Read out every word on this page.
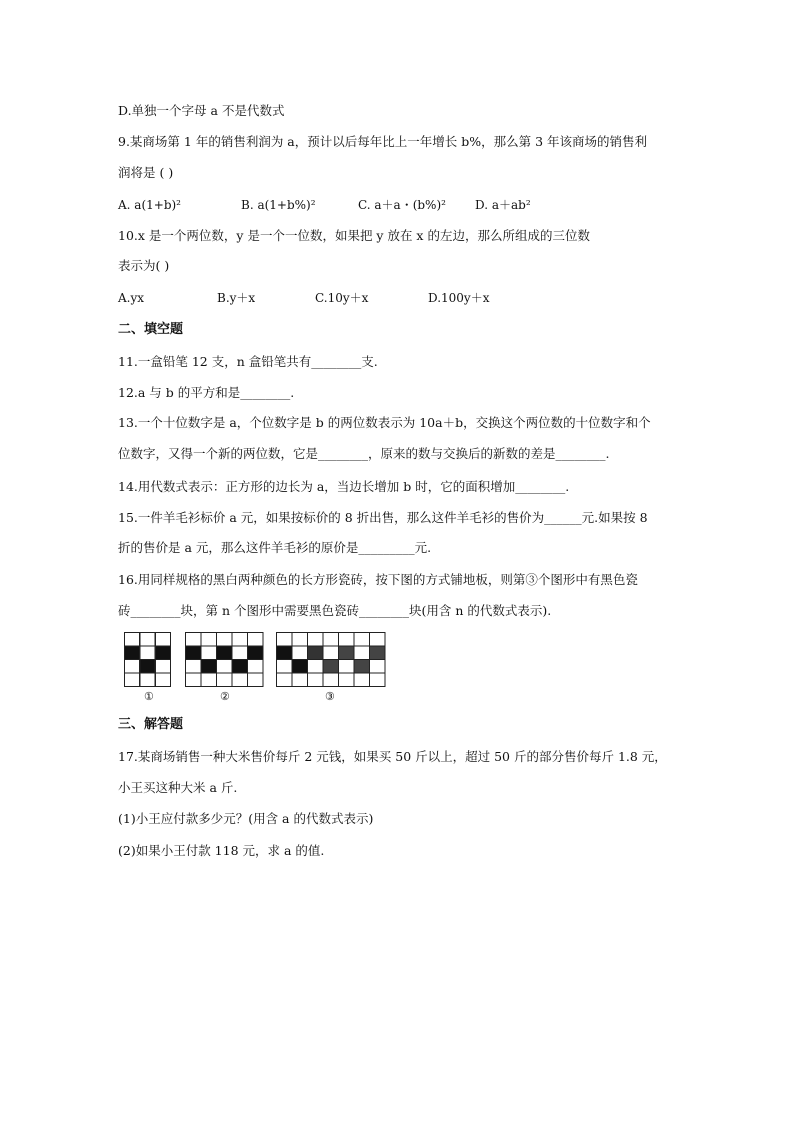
D.单独一个字母 a 不是代数式
9.某商场第 1 年的销售利润为 a，预计以后每年比上一年增长 b%，那么第 3 年该商场的销售利
润将是 ( )
A. a(1+b)²	B. a(1+b%)²	C. a＋a・(b%)² D. a＋ab²
10.x 是一个两位数，y 是一个一位数，如果把 y 放在 x 的左边，那么所组成的三位数
表示为( )
A.yx	B.y＋x	C.10y＋x	D.100y＋x
二、填空题
11.一盒铅笔 12 支，n 盒铅笔共有________支.
12.a 与 b 的平方和是________.
13.一个十位数字是 a，个位数字是 b 的两位数表示为 10a＋b，交换这个两位数的十位数字和个
位数字，又得一个新的两位数，它是________，原来的数与交换后的新数的差是________.
14.用代数式表示：正方形的边长为 a，当边长增加 b 时，它的面积增加________.
15.一件羊毛衫标价 a 元，如果按标价的 8 折出售，那么这件羊毛衫的售价为______元.如果按 8
折的售价是 a 元，那么这件羊毛衫的原价是_________元.
16.用同样规格的黑白两种颜色的长方形瓷砖，按下图的方式铺地板，则第③个图形中有黑色瓷
砖________块，第 n 个图形中需要黑色瓷砖________块(用含 n 的代数式表示).
①	②	③
三、解答题
17.某商场销售一种大米售价每斤 2 元钱，如果买 50 斤以上，超过 50 斤的部分售价每斤 1.8 元，
小王买这种大米 a 斤.
(1)小王应付款多少元？(用含 a 的代数式表示)
(2)如果小王付款 118 元，求 a 的值.
